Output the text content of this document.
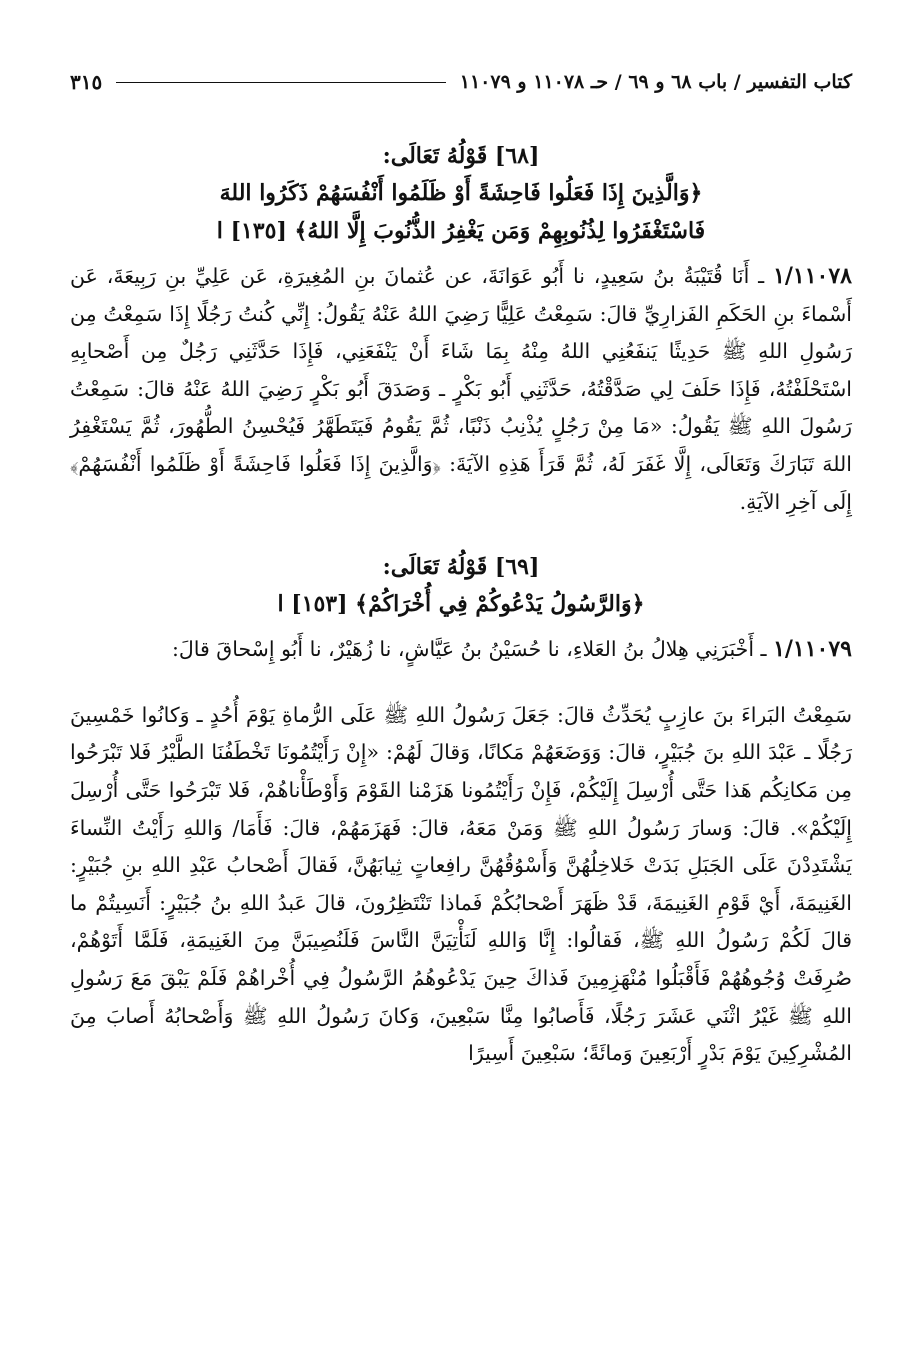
كتاب التفسير / باب ٦٨ و ٦٩ / حـ ١١٠٧٨ و ١١٠٧٩
٣١٥
[٦٨] قَوْلُهُ تَعَالَى:
﴿وَالَّذِينَ إِذَا فَعَلُوا فَاحِشَةً أَوْ ظَلَمُوا أَنْفُسَهُمْ ذَكَرُوا اللهَ
فَاسْتَغْفَرُوا لِذُنُوبِهِمْ وَمَن يَغْفِرُ الذُّنُوبَ إِلَّا اللهُ﴾ [١٣٥] ا

١/١١٠٧٨ ـ أَنَا قُتَيْبَةُ بنُ سَعِيدٍ، نا أَبُو عَوَانَةَ، عن عُثمانَ بنِ المُغِيرَةِ، عَن عَلِيِّ بنِ رَبِيعَةَ، عَن أَسْماءَ بنِ الحَكَمِ الفَزارِيِّ قالَ: سَمِعْتُ عَلِيًّا رَضِيَ اللهُ عَنْهُ يَقُولُ: إِنِّي كُنتُ رَجُلًا إِذَا سَمِعْتُ مِن رَسُولِ اللهِ ﷺ حَدِيثًا يَنفَعُنِي اللهُ مِنْهُ بِمَا شَاءَ أَنْ يَنْفَعَنِي، فَإِذَا حَدَّثَنِي رَجُلٌ مِن أَصْحابِهِ اسْتَحْلَفْتُهُ، فَإِذَا حَلَفَ لِي صَدَّقْتُهُ، حَدَّثَنِي أَبُو بَكْرٍ ـ وَصَدَقَ أَبُو بَكْرٍ رَضِيَ اللهُ عَنْهُ قالَ: سَمِعْتُ رَسُولَ اللهِ ﷺ يَقُولُ: «مَا مِنْ رَجُلٍ يُذْنِبُ ذَنْبًا، ثُمَّ يَقُومُ فَيَتَطَهَّرُ فَيُحْسِنُ الطُّهُورَ، ثُمَّ يَسْتَغْفِرُ اللهَ تَبَارَكَ وَتَعَالَى، إِلَّا غَفَرَ لَهُ، ثُمَّ قَرَأَ هَذِهِ الآيَةَ: ﴿وَالَّذِينَ إِذَا فَعَلُوا فَاحِشَةً أَوْ ظَلَمُوا أَنْفُسَهُمْ﴾ إِلَى آخِرِ الآيَةِ.

[٦٩] قَوْلُهُ تَعَالَى:
﴿وَالرَّسُولُ يَدْعُوكُمْ فِي أُخْرَاكُمْ﴾ [١٥٣] ا

١/١١٠٧٩ ـ أَخْبَرَنِي هِلالُ بنُ العَلاءِ، نا حُسَيْنُ بنُ عَيَّاشٍ، نا زُهَيْرٌ، نا أَبُو إِسْحاقَ قالَ:

سَمِعْتُ البَراءَ بنَ عازِبٍ يُحَدِّثُ قالَ: جَعَلَ رَسُولُ اللهِ ﷺ عَلَى الرُّماةِ يَوْمَ أُحُدٍ ـ وَكانُوا خَمْسِينَ رَجُلًا ـ عَبْدَ اللهِ بنَ جُبَيْرٍ، قالَ: وَوَضَعَهُمْ مَكانًا، وَقالَ لَهُمْ: «إِنْ رَأَيْتُمُونَا تَخْطَفُنَا الطَّيْرُ فَلا تَبْرَحُوا مِن مَكانِكُم هَذا حَتَّى أُرْسِلَ إِلَيْكُمْ، فَإِنْ رَأَيْتُمُونا هَزَمْنا القَوْمَ وَأَوْطَأْناهُمْ، فَلا تَبْرَحُوا حَتَّى أُرْسِلَ إِلَيْكُمْ». قالَ: وَسارَ رَسُولُ اللهِ ﷺ وَمَنْ مَعَهُ، قالَ: فَهَزَمَهُمْ، قالَ: فَأَمَا/ وَاللهِ رَأَيْتُ النِّساءَ يَشْتَدِدْنَ عَلَى الجَبَلِ بَدَتْ خَلاخِلُهُنَّ وَأَسْوُقُهُنَّ رافِعاتٍ ثِيابَهُنَّ، فَقالَ أَصْحابُ عَبْدِ اللهِ بنِ جُبَيْرٍ: الغَنِيمَةَ، أَيْ قَوْمِ الغَنِيمَةَ، قَدْ ظَهَرَ أَصْحابُكُمْ فَماذا تَنْتَظِرُونَ، قالَ عَبدُ اللهِ بنُ جُبَيْرٍ: أَنَسِيتُمْ ما قالَ لَكُمْ رَسُولُ اللهِ ﷺ، فَقالُوا: إِنَّا وَاللهِ لَنَأْتِيَنَّ النَّاسَ فَلَنُصِيبَنَّ مِنَ الغَنِيمَةِ، فَلَمَّا أَتَوْهُمْ، صُرِفَتْ وُجُوهُهُمْ فَأَقْبَلُوا مُنْهَزِمِينَ فَذاكَ حِينَ يَدْعُوهُمُ الرَّسُولُ فِي أُخْراهُمْ فَلَمْ يَبْقَ مَعَ رَسُولِ اللهِ ﷺ غَيْرُ اثْنَي عَشَرَ رَجُلًا، فَأَصابُوا مِنَّا سَبْعِينَ، وَكانَ رَسُولُ اللهِ ﷺ وَأَصْحابُهُ أَصابَ مِنَ المُشْرِكِينَ يَوْمَ بَدْرٍ أَرْبَعِينَ وَمائَةً؛ سَبْعِينَ أَسِيرًا
